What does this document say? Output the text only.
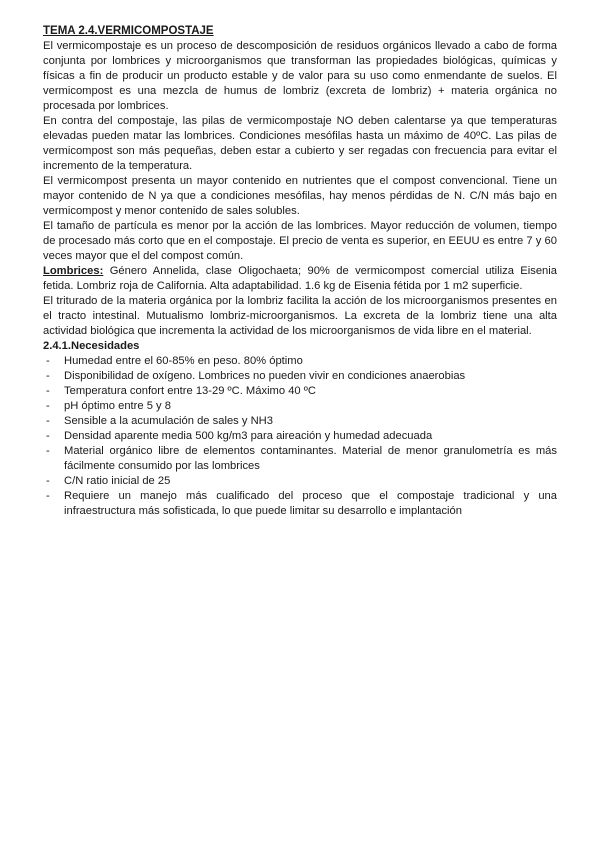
TEMA 2.4.VERMICOMPOSTAJE

El vermicompostaje es un proceso de descomposición de residuos orgánicos llevado a cabo de forma conjunta por lombrices y microorganismos que transforman las propiedades biológicas, químicas y físicas a fin de producir un producto estable y de valor para su uso como enmendante de suelos. El vermicompost es una mezcla de humus de lombriz (excreta de lombriz) + materia orgánica no procesada por lombrices.

En contra del compostaje, las pilas de vermicompostaje NO deben calentarse ya que temperaturas elevadas pueden matar las lombrices. Condiciones mesófilas hasta un máximo de 40ºC. Las pilas de vermicompost son más pequeñas, deben estar a cubierto y ser regadas con frecuencia para evitar el incremento de la temperatura.

El vermicompost presenta un mayor contenido en nutrientes que el compost convencional. Tiene un mayor contenido de N ya que a condiciones mesófilas, hay menos pérdidas de N. C/N más bajo en vermicompost y menor contenido de sales solubles.

El tamaño de partícula es menor por la acción de las lombrices. Mayor reducción de volumen, tiempo de procesado más corto que en el compostaje. El precio de venta es superior, en EEUU es entre 7 y 60 veces mayor que el del compost común.

Lombrices: Género Annelida, clase Oligochaeta; 90% de vermicompost comercial utiliza Eisenia fetida. Lombriz roja de California. Alta adaptabilidad. 1.6 kg de Eisenia fétida por 1 m2 superficie.

El triturado de la materia orgánica por la lombriz facilita la acción de los microorganismos presentes en el tracto intestinal. Mutualismo lombriz-microorganismos. La excreta de la lombriz tiene una alta actividad biológica que incrementa la actividad de los microorganismos de vida libre en el material.

2.4.1.Necesidades
- Humedad entre el 60-85% en peso. 80% óptimo
- Disponibilidad de oxígeno. Lombrices no pueden vivir en condiciones anaerobias
- Temperatura confort entre 13-29 ºC. Máximo 40 ºC
- pH óptimo entre 5 y 8
- Sensible a la acumulación de sales y NH3
- Densidad aparente media 500 kg/m3 para aireación y humedad adecuada
- Material orgánico libre de elementos contaminantes. Material de menor granulometría es más fácilmente consumido por las lombrices
- C/N ratio inicial de 25
- Requiere un manejo más cualificado del proceso que el compostaje tradicional y una infraestructura más sofisticada, lo que puede limitar su desarrollo e implantación
